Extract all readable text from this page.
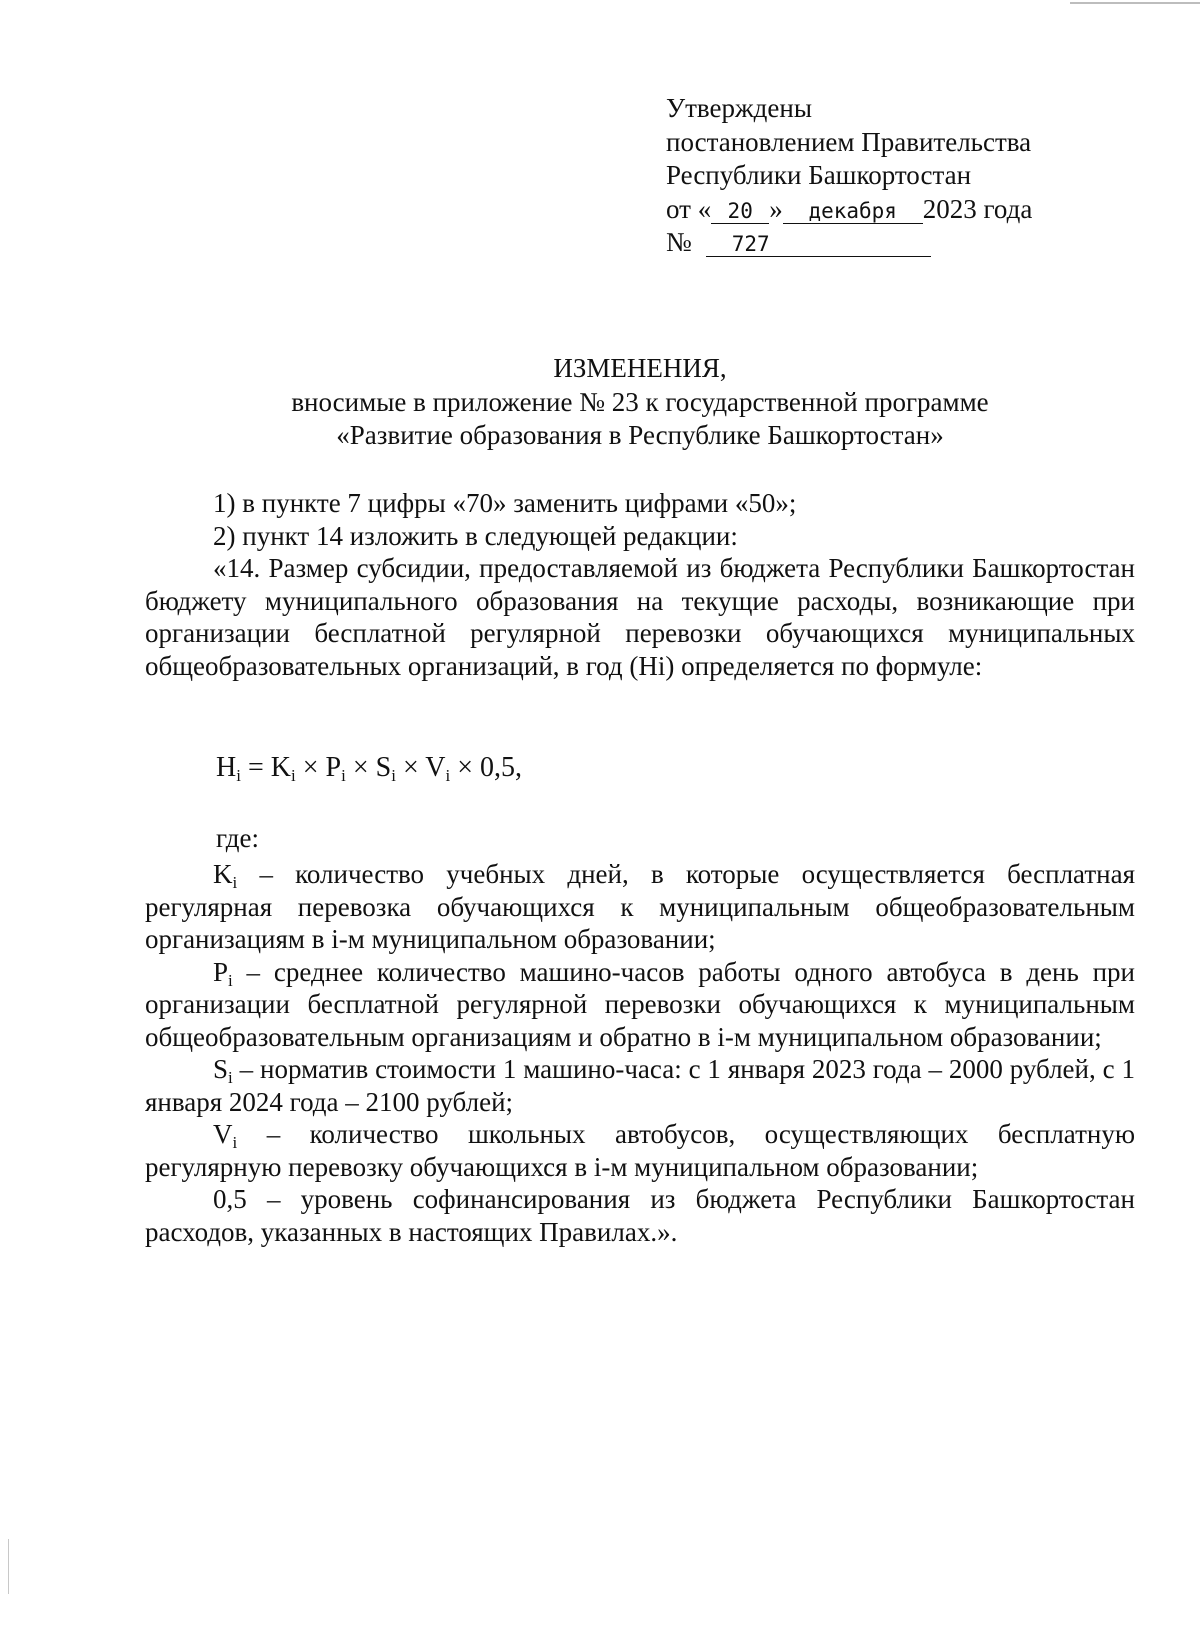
Утверждены
постановлением Правительства
Республики Башкортостан
от « 20 » декабря 2023 года
№ 727
ИЗМЕНЕНИЯ,
вносимые в приложение № 23 к государственной программе
«Развитие образования в Республике Башкортостан»
1) в пункте 7 цифры «70» заменить цифрами «50»;
2) пункт 14 изложить в следующей редакции:
«14. Размер субсидии, предоставляемой из бюджета Республики Башкортостан бюджету муниципального образования на текущие расходы, возникающие при организации бесплатной регулярной перевозки обучающихся муниципальных общеобразовательных организаций, в год (Hi) определяется по формуле:
$H_i = K_i \times P_i \times S_i \times V_i \times 0,5$,
где:
$K_i$ – количество учебных дней, в которые осуществляется бесплатная регулярная перевозка обучающихся к муниципальным общеобразовательным организациям в i-м муниципальном образовании;
$P_i$ – среднее количество машино-часов работы одного автобуса в день при организации бесплатной регулярной перевозки обучающихся к муниципальным общеобразовательным организациям и обратно в i-м муниципальном образовании;
$S_i$ – норматив стоимости 1 машино-часа: с 1 января 2023 года – 2000 рублей, с 1 января 2024 года – 2100 рублей;
$V_i$ – количество школьных автобусов, осуществляющих бесплатную регулярную перевозку обучающихся в i-м муниципальном образовании;
0,5 – уровень софинансирования из бюджета Республики Башкортостан расходов, указанных в настоящих Правилах.».
